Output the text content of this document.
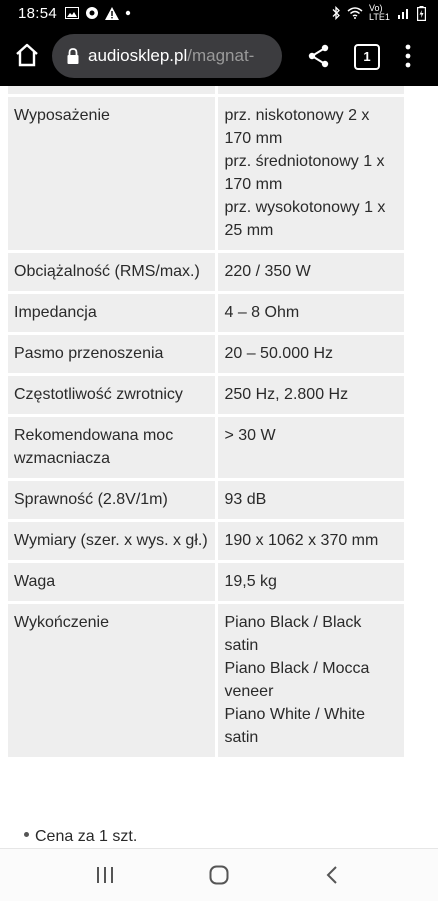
18:54	Vo) LTE1
audiosklep.pl/magnat-	1

Wyposażenie	prz. niskotonowy 2 x 170 mm
prz. średniotonowy 1 x 170 mm
prz. wysokotonowy 1 x 25 mm
Obciążalność (RMS/max.)	220 / 350 W
Impedancja	4 – 8 Ohm
Pasmo przenoszenia	20 – 50.000 Hz
Częstotliwość zwrotnicy	250 Hz, 2.800 Hz
Rekomendowana moc wzmacniacza	> 30 W
Sprawność (2.8V/1m)	93 dB
Wymiary (szer. x wys. x gł.)	190 x 1062 x 370 mm
Waga	19,5 kg
Wykończenie	Piano Black / Black satin
Piano Black / Mocca veneer
Piano White / White satin
Cena za 1 szt.
